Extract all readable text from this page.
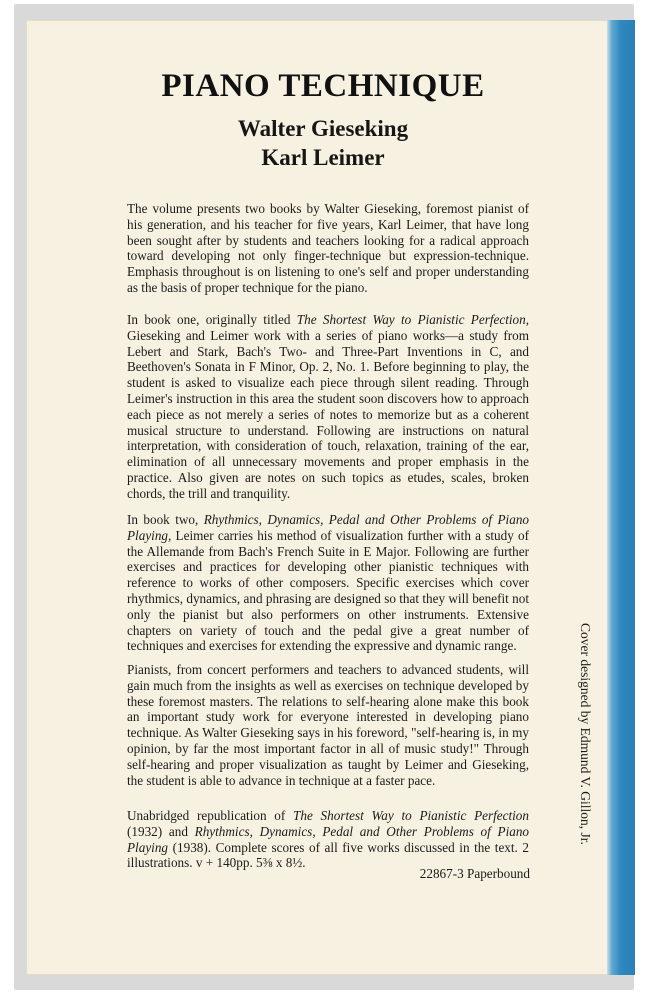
PIANO TECHNIQUE

Walter Gieseking

Karl Leimer

The volume presents two books by Walter Gieseking, foremost pianist of his generation, and his teacher for five years, Karl Leimer, that have long been sought after by students and teachers looking for a radical approach toward developing not only finger-technique but expression-technique. Emphasis throughout is on listening to one's self and proper understanding as the basis of proper technique for the piano.

In book one, originally titled The Shortest Way to Pianistic Perfection, Gieseking and Leimer work with a series of piano works—a study from Lebert and Stark, Bach's Two- and Three-Part Inventions in C, and Beethoven's Sonata in F Minor, Op. 2, No. 1. Before beginning to play, the student is asked to visualize each piece through silent reading. Through Leimer's instruction in this area the student soon discovers how to approach each piece as not merely a series of notes to memorize but as a coherent musical structure to understand. Following are instructions on natural interpretation, with consideration of touch, relaxation, training of the ear, elimination of all unnecessary movements and proper emphasis in the practice. Also given are notes on such topics as etudes, scales, broken chords, the trill and tranquility.

In book two, Rhythmics, Dynamics, Pedal and Other Problems of Piano Playing, Leimer carries his method of visualization further with a study of the Allemande from Bach's French Suite in E Major. Following are further exercises and practices for developing other pianistic techniques with reference to works of other composers. Specific exercises which cover rhythmics, dynamics, and phrasing are designed so that they will benefit not only the pianist but also performers on other instruments. Extensive chapters on variety of touch and the pedal give a great number of techniques and exercises for extending the expressive and dynamic range.

Pianists, from concert performers and teachers to advanced students, will gain much from the insights as well as exercises on technique developed by these foremost masters. The relations to self-hearing alone make this book an important study work for everyone interested in developing piano technique. As Walter Gieseking says in his foreword, "self-hearing is, in my opinion, by far the most important factor in all of music study!" Through self-hearing and proper visualization as taught by Leimer and Gieseking, the student is able to advance in technique at a faster pace.

Unabridged republication of The Shortest Way to Pianistic Perfection (1932) and Rhythmics, Dynamics, Pedal and Other Problems of Piano Playing (1938). Complete scores of all five works discussed in the text. 2 illustrations. v + 140pp. 5⅜ x 8½.

22867-3 Paperbound
Cover designed by Edmund V. Gillon, Jr.
